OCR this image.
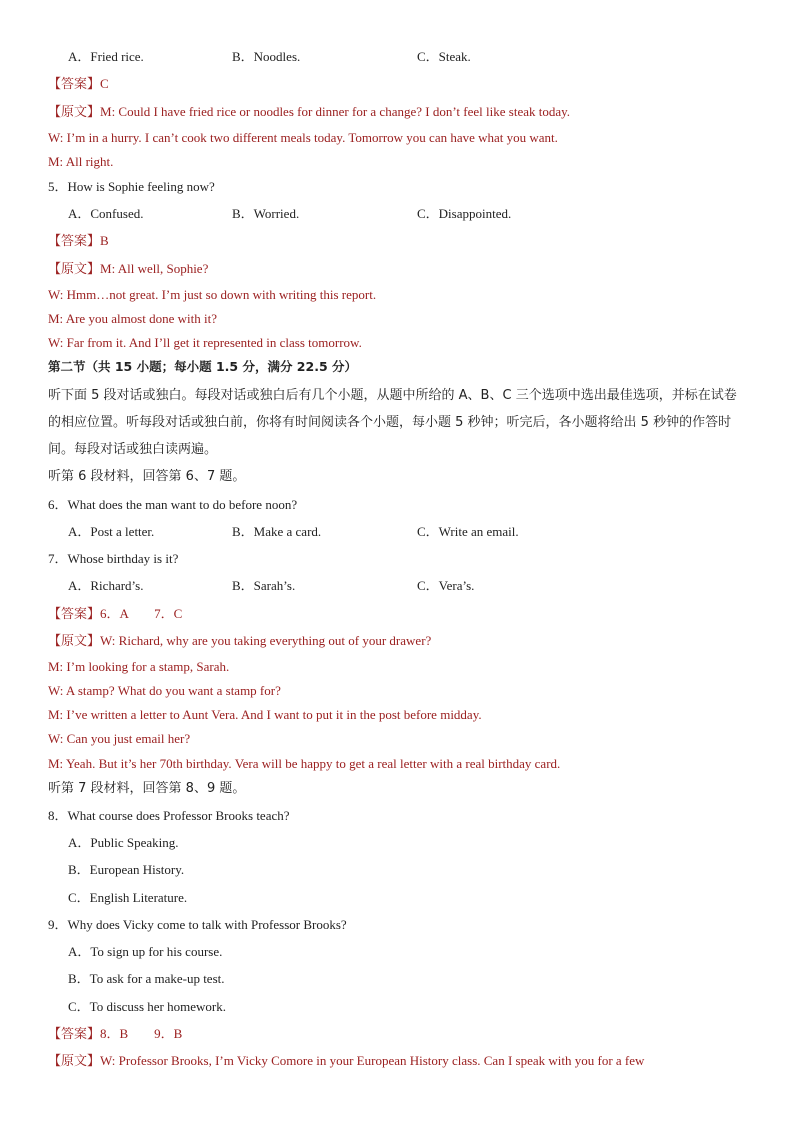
A．Fried rice.	B．Noodles.	C．Steak.
【答案】C
【原文】M: Could I have fried rice or noodles for dinner for a change? I don’t feel like steak today.
W: I’m in a hurry. I can’t cook two different meals today. Tomorrow you can have what you want.
M: All right.
5．How is Sophie feeling now?
A．Confused.	B．Worried.	C．Disappointed.
【答案】B
【原文】M: All well, Sophie?
W: Hmm…not great. I’m just so down with writing this report.
M: Are you almost done with it?
W: Far from it. And I’ll get it represented in class tomorrow.
第二节（共 15 小题；每小题 1.5 分，满分 22.5 分）
听下面 5 段对话或独白。每段对话或独白后有几个小题，从题中所给的 A、B、C 三个选项中选出最佳选项，并标在试卷的相应位置。听每段对话或独白前，你将有时间阅读各个小题，每小题 5 秒钟；听完后，各小题将给出 5 秒钟的作答时间。每段对话或独白读两遍。
听第 6 段材料，回答第 6、7 题。
6．What does the man want to do before noon?
A．Post a letter.	B．Make a card.	C．Write an email.
7．Whose birthday is it?
A．Richard’s.	B．Sarah’s.	C．Vera’s.
【答案】6．A　　7．C
【原文】W: Richard, why are you taking everything out of your drawer?
M: I’m looking for a stamp, Sarah.
W: A stamp? What do you want a stamp for?
M: I’ve written a letter to Aunt Vera. And I want to put it in the post before midday.
W: Can you just email her?
M: Yeah. But it’s her 70th birthday. Vera will be happy to get a real letter with a real birthday card.
听第 7 段材料，回答第 8、9 题。
8．What course does Professor Brooks teach?
A．Public Speaking.
B．European History.
C．English Literature.
9．Why does Vicky come to talk with Professor Brooks?
A．To sign up for his course.
B．To ask for a make-up test.
C．To discuss her homework.
【答案】8．B　　9．B
【原文】W: Professor Brooks, I’m Vicky Comore in your European History class. Can I speak with you for a few
